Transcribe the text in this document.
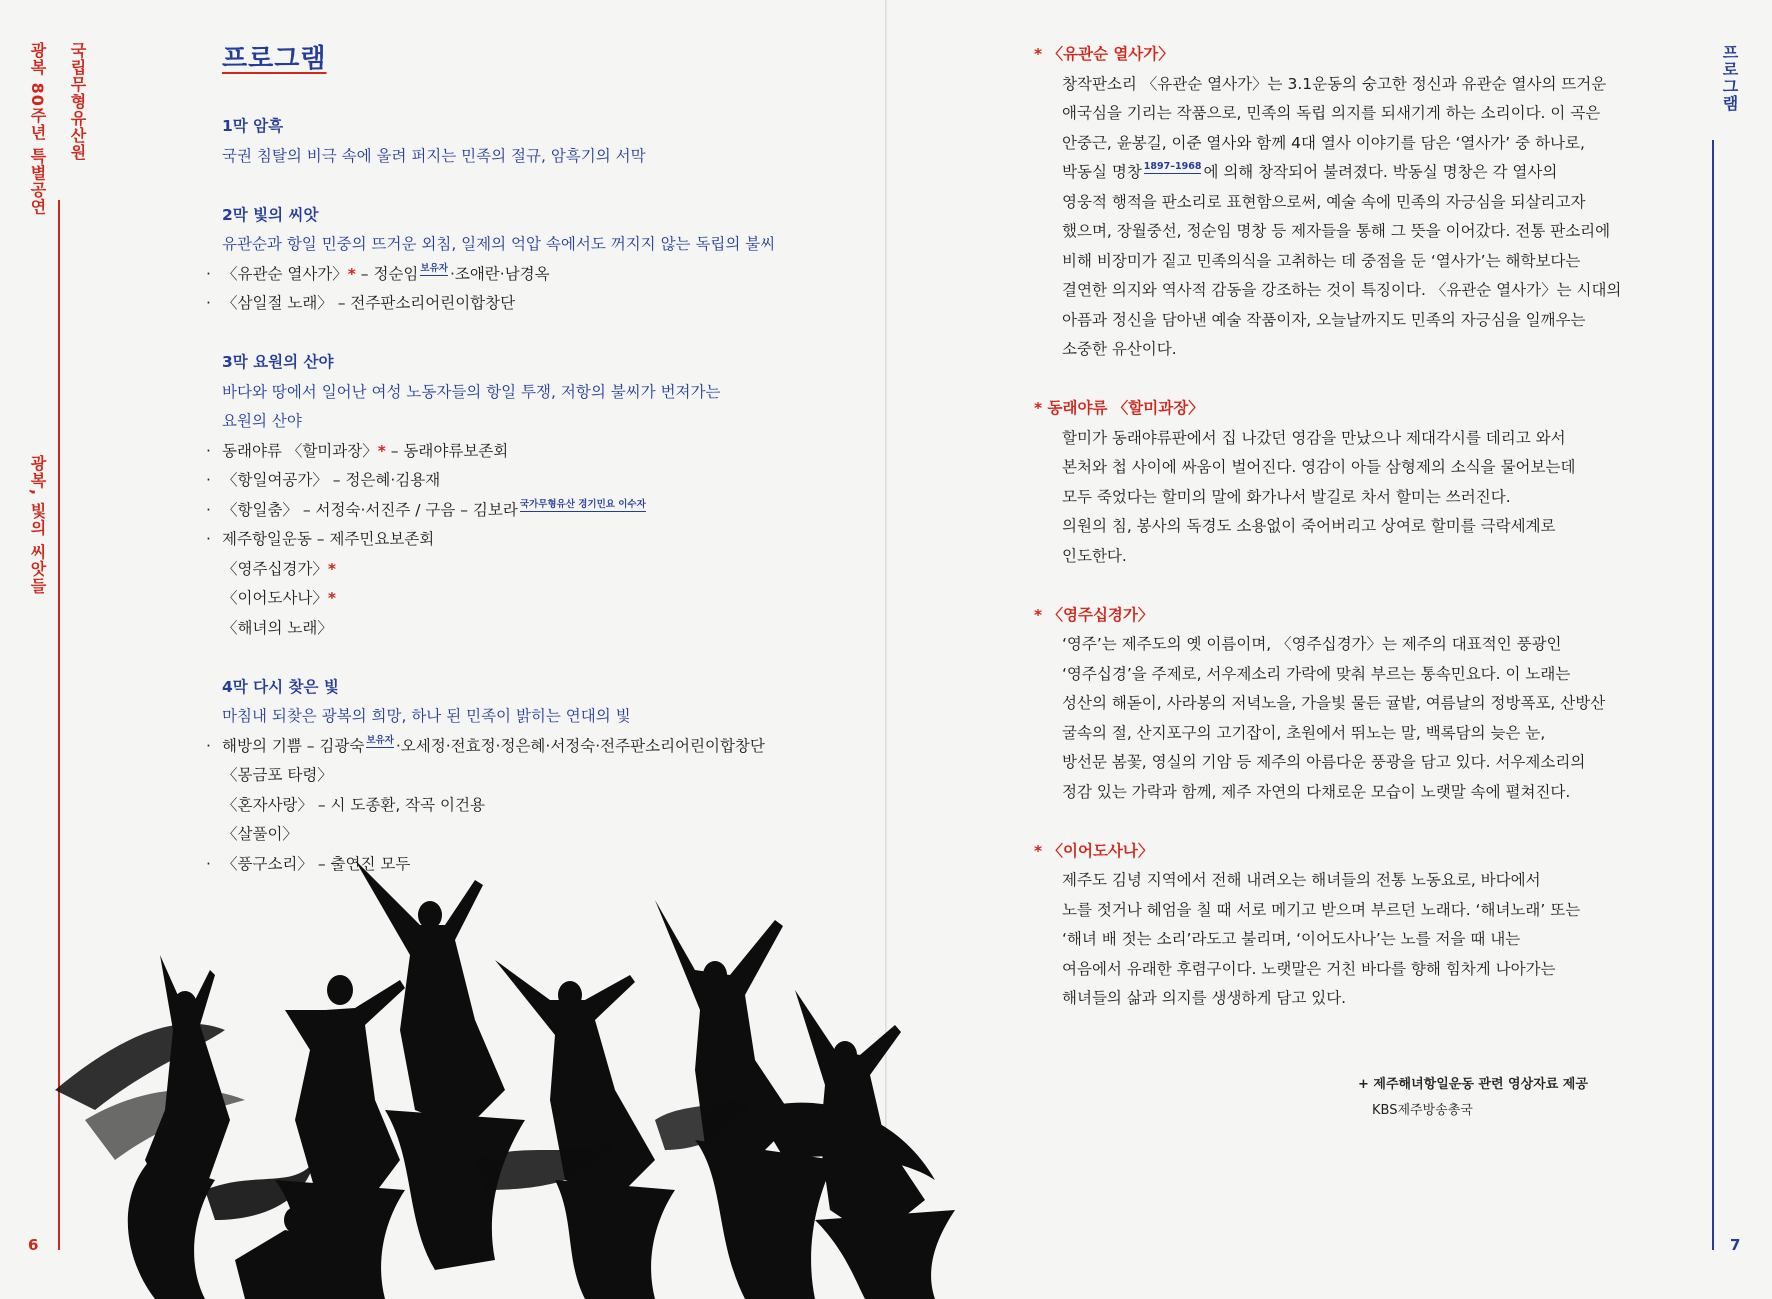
광복 80주년 특별공연
광복, 빛의 씨앗들
국립무형유산원
6
프로그램
1막 암흑
국권 침탈의 비극 속에 울려 퍼지는 민족의 절규, 암흑기의 서막
2막 빛의 씨앗
유관순과 항일 민중의 뜨거운 외침, 일제의 억압 속에서도 꺼지지 않는 독립의 불씨
· 〈유관순 열사가〉* – 정순임 보유자 ·조애란·남경옥
· 〈삼일절 노래〉 – 전주판소리어린이합창단
3막 요원의 산야
바다와 땅에서 일어난 여성 노동자들의 항일 투쟁, 저항의 불씨가 번져가는
요원의 산야
· 동래야류 〈할미과장〉* – 동래야류보존회
· 〈항일여공가〉 – 정은혜·김용재
· 〈항일춤〉 – 서정숙·서진주 / 구음 – 김보라 국가무형유산 경기민요 이수자
· 제주항일운동 – 제주민요보존회
〈영주십경가〉*
〈이어도사나〉*
〈해녀의 노래〉
4막 다시 찾은 빛
마침내 되찾은 광복의 희망, 하나 된 민족이 밝히는 연대의 빛
· 해방의 기쁨 – 김광숙 보유자 ·오세정·전효정·정은혜·서정숙·전주판소리어린이합창단
〈몽금포 타령〉
〈혼자사랑〉 – 시 도종환, 작곡 이건용
〈살풀이〉
· 〈풍구소리〉 – 출연진 모두
* 〈유관순 열사가〉
창작판소리 〈유관순 열사가〉는 3.1운동의 숭고한 정신과 유관순 열사의 뜨거운
애국심을 기리는 작품으로, 민족의 독립 의지를 되새기게 하는 소리이다. 이 곡은
안중근, 윤봉길, 이준 열사와 함께 4대 열사 이야기를 담은 ‘열사가’ 중 하나로,
박동실 명창 1897–1968 에 의해 창작되어 불려졌다. 박동실 명창은 각 열사의
영웅적 행적을 판소리로 표현함으로써, 예술 속에 민족의 자긍심을 되살리고자
했으며, 장월중선, 정순임 명창 등 제자들을 통해 그 뜻을 이어갔다. 전통 판소리에
비해 비장미가 짙고 민족의식을 고취하는 데 중점을 둔 ‘열사가’는 해학보다는
결연한 의지와 역사적 감동을 강조하는 것이 특징이다. 〈유관순 열사가〉는 시대의
아픔과 정신을 담아낸 예술 작품이자, 오늘날까지도 민족의 자긍심을 일깨우는
소중한 유산이다.
* 동래야류 〈할미과장〉
할미가 동래야류판에서 집 나갔던 영감을 만났으나 제대각시를 데리고 와서
본처와 첩 사이에 싸움이 벌어진다. 영감이 아들 삼형제의 소식을 물어보는데
모두 죽었다는 할미의 말에 화가나서 발길로 차서 할미는 쓰러진다.
의원의 침, 봉사의 독경도 소용없이 죽어버리고 상여로 할미를 극락세계로
인도한다.
* 〈영주십경가〉
‘영주’는 제주도의 옛 이름이며, 〈영주십경가〉는 제주의 대표적인 풍광인
‘영주십경’을 주제로, 서우제소리 가락에 맞춰 부르는 통속민요다. 이 노래는
성산의 해돋이, 사라봉의 저녁노을, 가을빛 물든 귤밭, 여름날의 정방폭포, 산방산
굴속의 절, 산지포구의 고기잡이, 초원에서 뛰노는 말, 백록담의 늦은 눈,
방선문 봄꽃, 영실의 기암 등 제주의 아름다운 풍광을 담고 있다. 서우제소리의
정감 있는 가락과 함께, 제주 자연의 다채로운 모습이 노랫말 속에 펼쳐진다.
* 〈이어도사나〉
제주도 김녕 지역에서 전해 내려오는 해녀들의 전통 노동요로, 바다에서
노를 젓거나 헤엄을 칠 때 서로 메기고 받으며 부르던 노래다. ‘해녀노래’ 또는
‘해녀 배 젓는 소리’라도고 불리며, ‘이어도사나’는 노를 저을 때 내는
여음에서 유래한 후렴구이다. 노랫말은 거친 바다를 향해 힘차게 나아가는
해녀들의 삶과 의지를 생생하게 담고 있다.
+ 제주해녀항일운동 관련 영상자료 제공
KBS제주방송총국
프로그램
7
